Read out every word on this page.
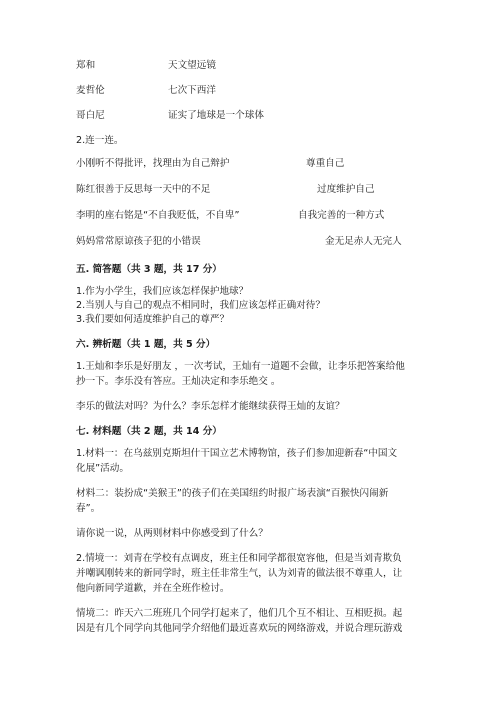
郑和	天文望远镜
麦哲伦	七次下西洋
哥白尼	证实了地球是一个球体
2.连一连。
小刚听不得批评，找理由为自己辩护	尊重自己
陈红很善于反思每一天中的不足	过度维护自己
李明的座右铭是“不自我贬低，不自卑”	自我完善的一种方式
妈妈常常原谅孩子犯的小错误	金无足赤人无完人
五. 简答题（共 3 题，共 17 分）
1.作为小学生，我们应该怎样保护地球？
2.当别人与自己的观点不相同时，我们应该怎样正确对待？
3.我们要如何适度维护自己的尊严？
六. 辨析题（共 1 题，共 5 分）
1.王灿和李乐是好朋友 ，一次考试，王灿有一道题不会做，让李乐把答案给他
抄一下。李乐没有答应。王灿决定和李乐绝交 。
李乐的做法对吗？为什么？李乐怎样才能继续获得王灿的友谊？
七. 材料题（共 2 题，共 14 分）
1.材料一：在乌兹别克斯坦什干国立艺术博物馆，孩子们参加迎新春“中国文
化展”活动。
材料二：装扮成“美猴王”的孩子们在美国纽约时报广场表演“百猴快闪闹新
春”。
请你说一说，从两则材料中你感受到了什么？
2.情境一：刘青在学校有点调皮，班主任和同学都很宽容他，但是当刘青欺负
并嘲讽刚转来的新同学时，班主任非常生气，认为刘青的做法很不尊重人，让
他向新同学道歉，并在全班作检讨。
情境二：昨天六二班班几个同学打起来了，他们几个互不相让、互相贬损。起
因是有几个同学向其他同学介绍他们最近喜欢玩的网络游戏，并说合理玩游戏
